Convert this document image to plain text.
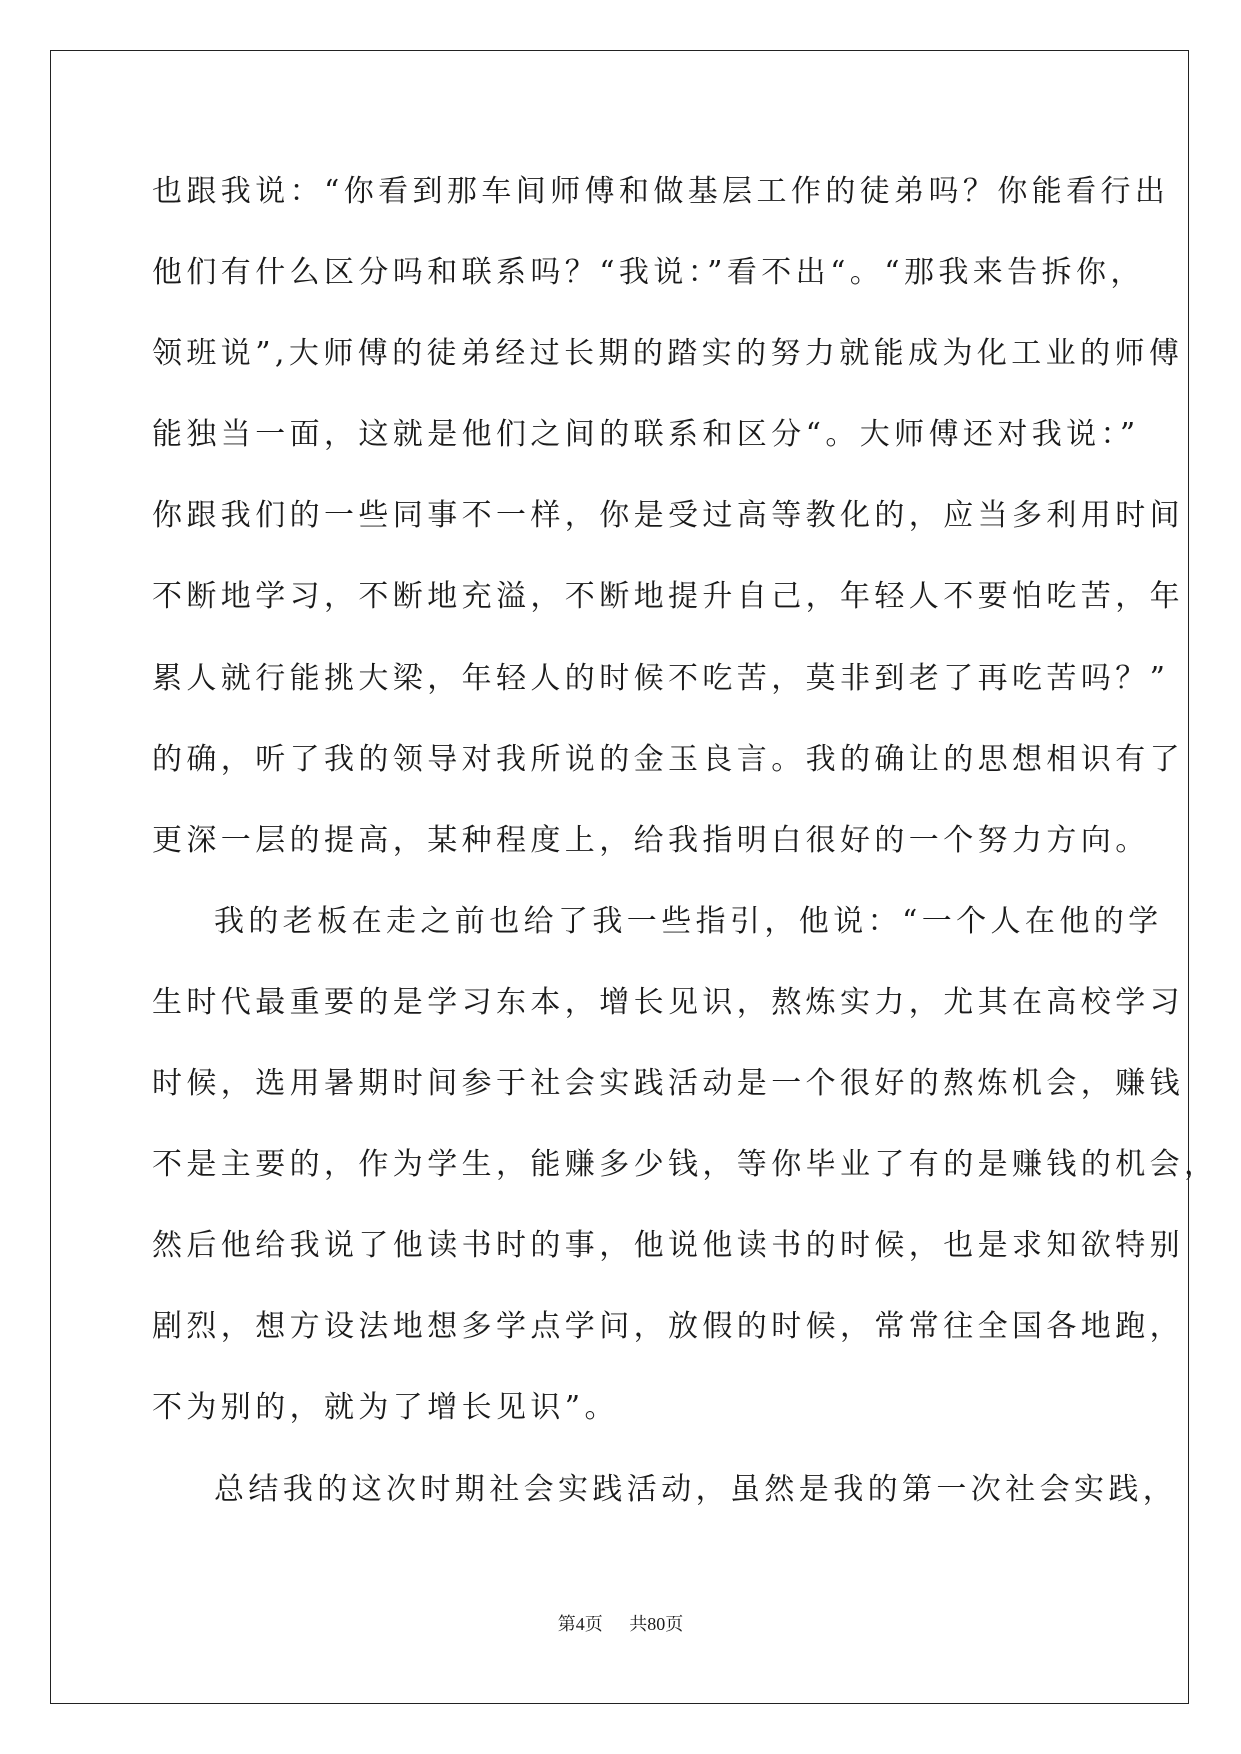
也跟我说：“你看到那车间师傅和做基层工作的徒弟吗？你能看行出
他们有什么区分吗和联系吗？“我说：”看不出“。“那我来告拆你，
领班说”,大师傅的徒弟经过长期的踏实的努力就能成为化工业的师傅
能独当一面，这就是他们之间的联系和区分“。大师傅还对我说：”
你跟我们的一些同事不一样，你是受过高等教化的，应当多利用时间
不断地学习，不断地充溢，不断地提升自己，年轻人不要怕吃苦，年
累人就行能挑大梁，年轻人的时候不吃苦，莫非到老了再吃苦吗？”
的确，听了我的领导对我所说的金玉良言。我的确让的思想相识有了
更深一层的提高，某种程度上，给我指明白很好的一个努力方向。
我的老板在走之前也给了我一些指引，他说：“一个人在他的学
生时代最重要的是学习东本，增长见识，熬炼实力，尤其在高校学习
时候，选用暑期时间参于社会实践活动是一个很好的熬炼机会，赚钱
不是主要的，作为学生，能赚多少钱，等你毕业了有的是赚钱的机会，
然后他给我说了他读书时的事，他说他读书的时候，也是求知欲特别
剧烈，想方设法地想多学点学问，放假的时候，常常往全国各地跑，
不为别的，就为了增长见识”。
总结我的这次时期社会实践活动，虽然是我的第一次社会实践，
第4页 共80页
